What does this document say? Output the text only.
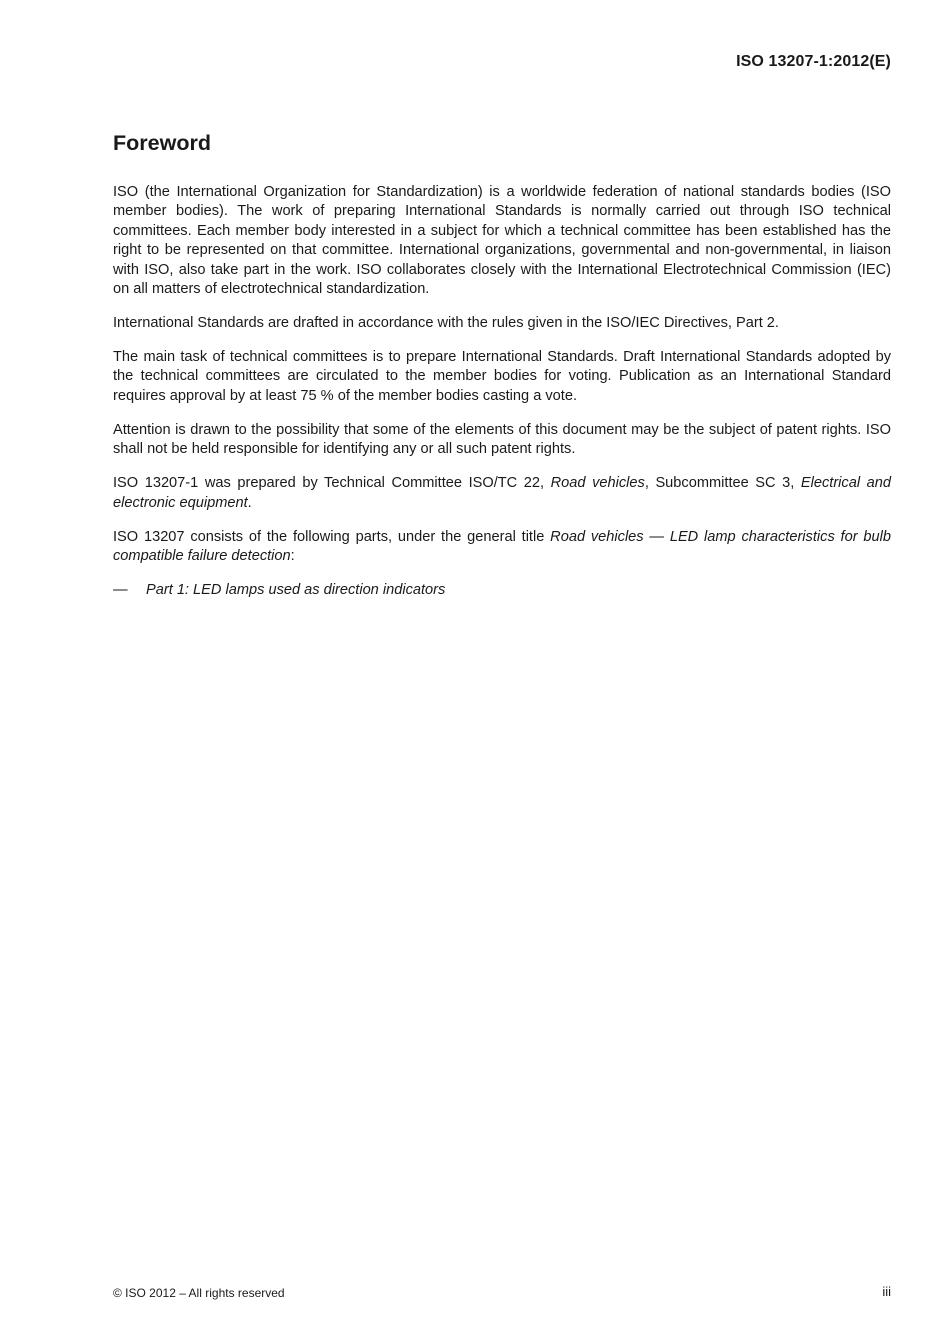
ISO 13207-1:2012(E)
Foreword

ISO (the International Organization for Standardization) is a worldwide federation of national standards bodies (ISO member bodies). The work of preparing International Standards is normally carried out through ISO technical committees. Each member body interested in a subject for which a technical committee has been established has the right to be represented on that committee. International organizations, governmental and non-governmental, in liaison with ISO, also take part in the work. ISO collaborates closely with the International Electrotechnical Commission (IEC) on all matters of electrotechnical standardization.

International Standards are drafted in accordance with the rules given in the ISO/IEC Directives, Part 2.

The main task of technical committees is to prepare International Standards. Draft International Standards adopted by the technical committees are circulated to the member bodies for voting. Publication as an International Standard requires approval by at least 75 % of the member bodies casting a vote.

Attention is drawn to the possibility that some of the elements of this document may be the subject of patent rights. ISO shall not be held responsible for identifying any or all such patent rights.

ISO 13207-1 was prepared by Technical Committee ISO/TC 22, Road vehicles, Subcommittee SC 3, Electrical and electronic equipment.

ISO 13207 consists of the following parts, under the general title Road vehicles — LED lamp characteristics for bulb compatible failure detection:

—	Part 1: LED lamps used as direction indicators
© ISO 2012 – All rights reserved	iii
